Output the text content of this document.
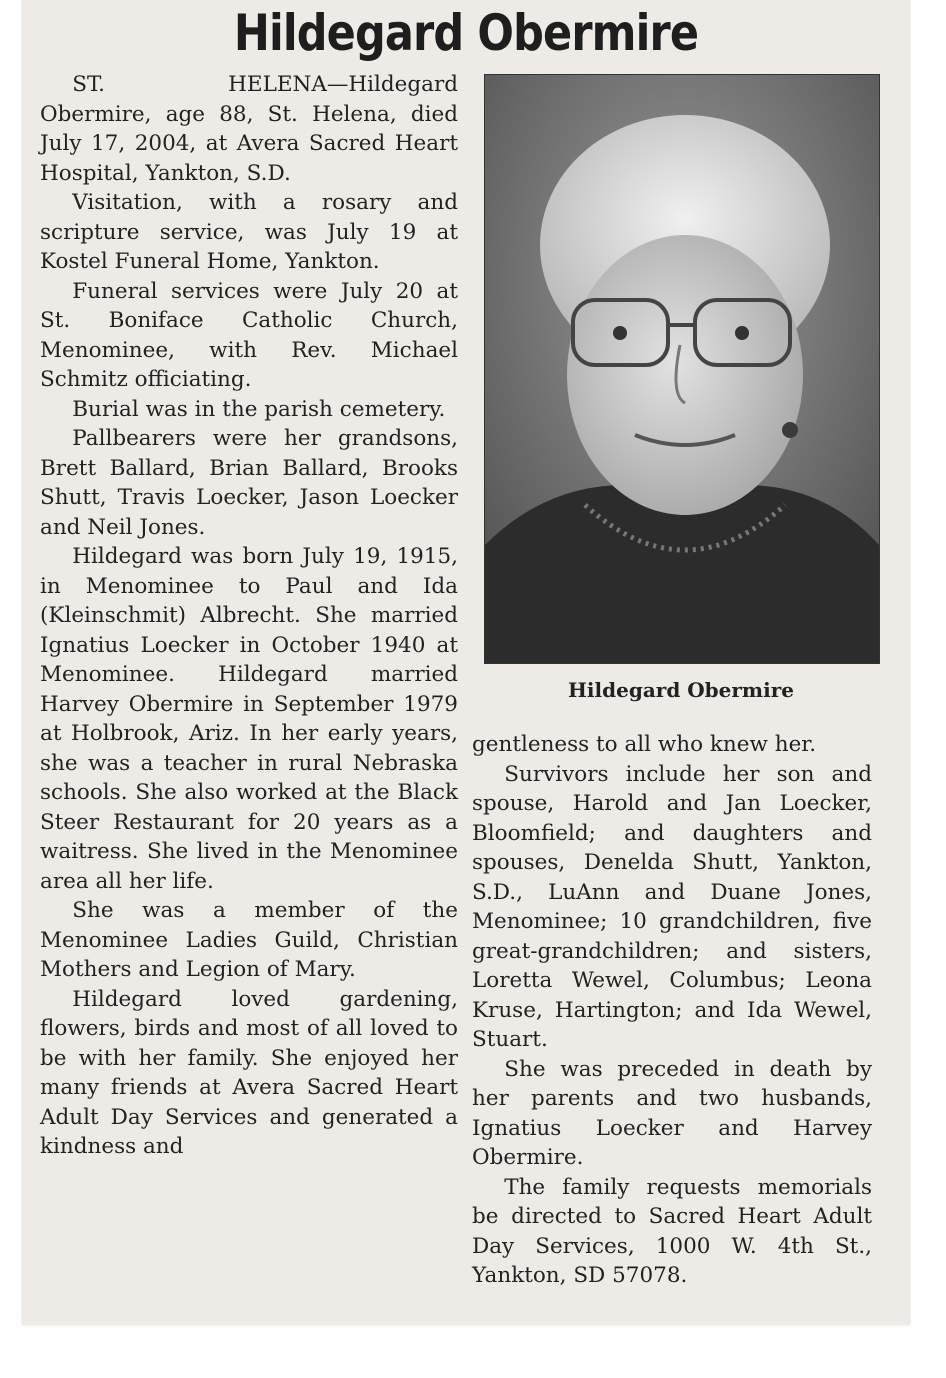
Hildegard Obermire

ST. HELENA—Hildegard Obermire, age 88, St. Helena, died July 17, 2004, at Avera Sacred Heart Hospital, Yankton, S.D.

Visitation, with a rosary and scripture service, was July 19 at Kostel Funeral Home, Yankton.

Funeral services were July 20 at St. Boniface Catholic Church, Menominee, with Rev. Michael Schmitz officiating.

Burial was in the parish cemetery.

Pallbearers were her grandsons, Brett Ballard, Brian Ballard, Brooks Shutt, Travis Loecker, Jason Loecker and Neil Jones.

Hildegard was born July 19, 1915, in Menominee to Paul and Ida (Kleinschmit) Albrecht. She married Ignatius Loecker in October 1940 at Menominee. Hildegard married Harvey Obermire in September 1979 at Holbrook, Ariz. In her early years, she was a teacher in rural Nebraska schools. She also worked at the Black Steer Restaurant for 20 years as a waitress. She lived in the Menominee area all her life.

She was a member of the Menominee Ladies Guild, Christian Mothers and Legion of Mary.

Hildegard loved gardening, flowers, birds and most of all loved to be with her family. She enjoyed her many friends at Avera Sacred Heart Adult Day Services and generated a kindness and

Hildegard Obermire

gentleness to all who knew her.

Survivors include her son and spouse, Harold and Jan Loecker, Bloomfield; and daughters and spouses, Denelda Shutt, Yankton, S.D., LuAnn and Duane Jones, Menominee; 10 grandchildren, five great-grandchildren; and sisters, Loretta Wewel, Columbus; Leona Kruse, Hartington; and Ida Wewel, Stuart.

She was preceded in death by her parents and two husbands, Ignatius Loecker and Harvey Obermire.

The family requests memorials be directed to Sacred Heart Adult Day Services, 1000 W. 4th St., Yankton, SD 57078.
